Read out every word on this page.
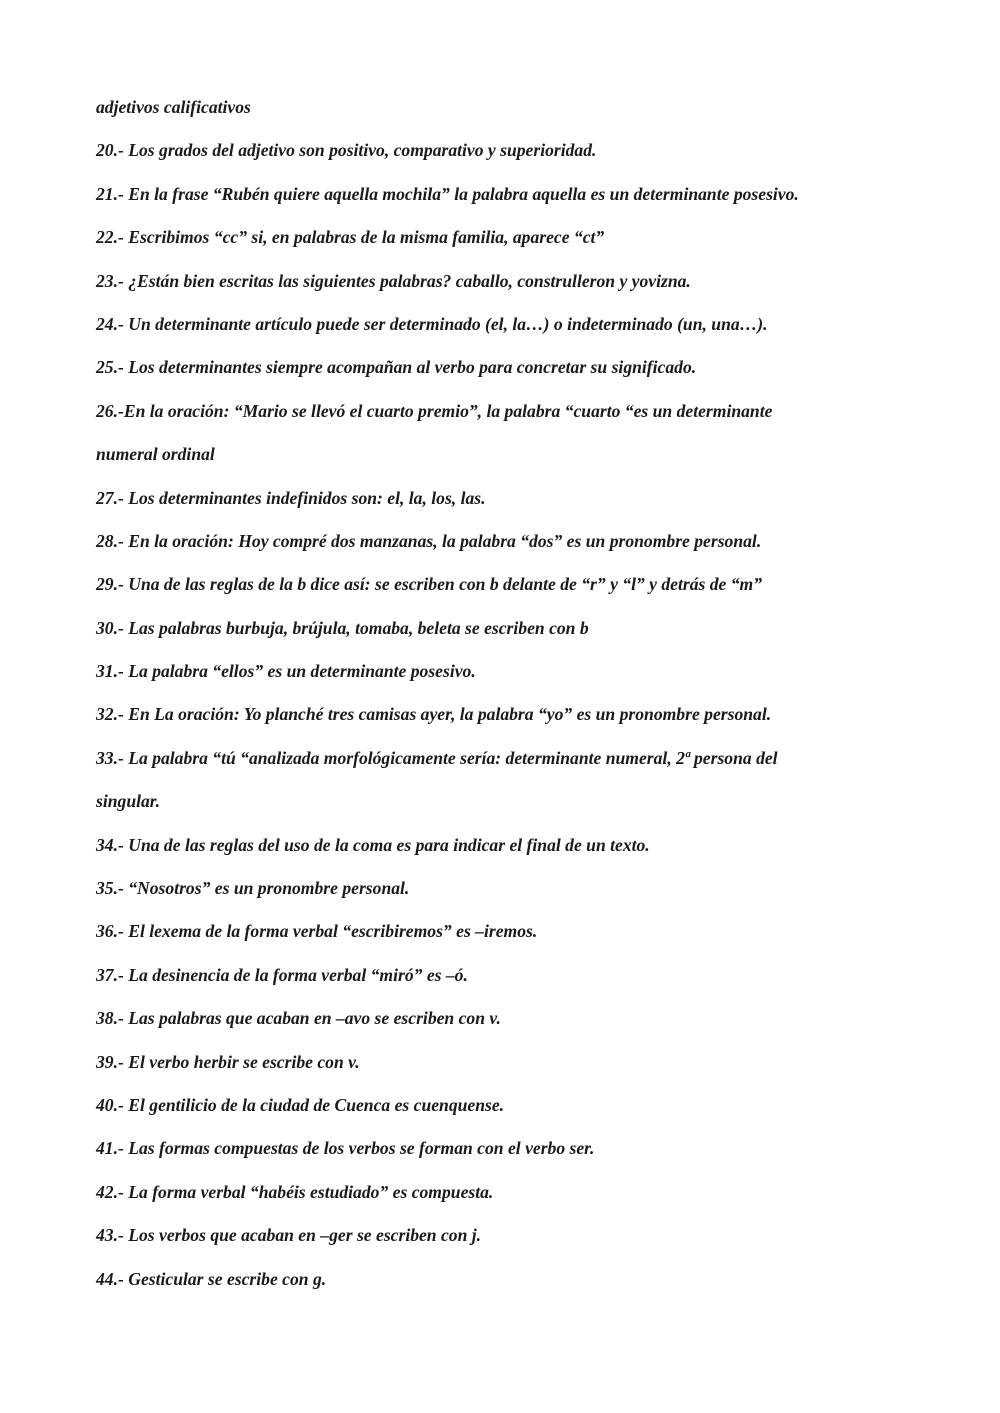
adjetivos calificativos
20.- Los grados del adjetivo son positivo, comparativo y superioridad.
21.- En la frase “Rubén quiere aquella mochila” la palabra aquella es un determinante posesivo.
22.- Escribimos “cc” si, en palabras de la misma familia, aparece “ct”
23.- ¿Están bien escritas las siguientes palabras? caballo, construlleron y yovizna.
24.- Un determinante artículo puede ser determinado (el, la…) o indeterminado (un, una…).
25.- Los determinantes siempre acompañan al verbo para concretar su significado.
26.-En la oración: “Mario se llevó el cuarto premio”, la palabra “cuarto “es un determinante
numeral ordinal
27.- Los determinantes indefinidos son: el, la, los, las.
28.- En la oración: Hoy compré dos manzanas, la palabra “dos” es un pronombre personal.
29.- Una de las reglas de la b dice así: se escriben con b delante de “r” y “l” y detrás de “m”
30.- Las palabras burbuja, brújula, tomaba, beleta se escriben con b
31.- La palabra “ellos” es un determinante posesivo.
32.- En La oración: Yo planché tres camisas ayer, la palabra “yo” es un pronombre personal.
33.- La palabra “tú “analizada morfológicamente sería: determinante numeral, 2ª persona del
singular.
34.- Una de las reglas del uso de la coma es para indicar el final de un texto.
35.- “Nosotros” es un pronombre personal.
36.- El lexema de la forma verbal “escribiremos” es –iremos.
37.- La desinencia de la forma verbal “miró” es –ó.
38.- Las palabras que acaban en –avo se escriben con v.
39.- El verbo herbir se escribe con v.
40.- El gentilicio de la ciudad de Cuenca es cuenquense.
41.- Las formas compuestas de los verbos se forman con el verbo ser.
42.- La forma verbal “habéis estudiado” es compuesta.
43.- Los verbos que acaban en –ger se escriben con j.
44.- Gesticular se escribe con g.
